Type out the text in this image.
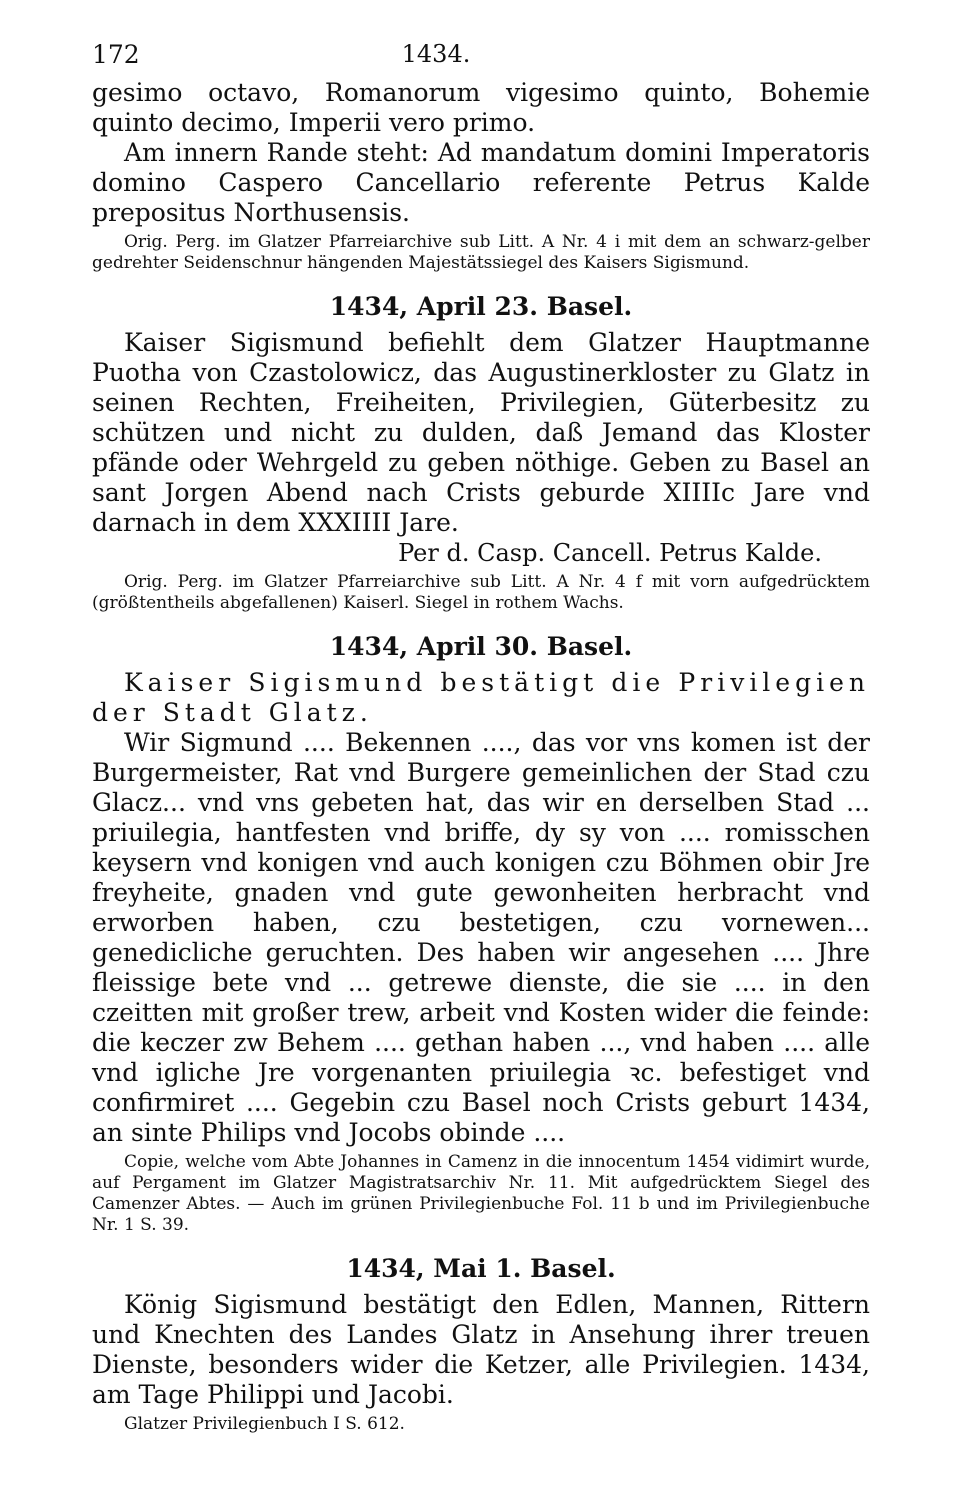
172	1434.

gesimo octavo, Romanorum vigesimo quinto, Bohemie quinto decimo, Imperii vero primo.

Am innern Rande steht: Ad mandatum domini Imperatoris domino Caspero Cancellario referente Petrus Kalde prepositus Northusensis.

Orig. Perg. im Glatzer Pfarreiarchive sub Litt. A Nr. 4 i mit dem an schwarz-gelber gedrehter Seidenschnur hängenden Majestätssiegel des Kaisers Sigismund.

1434, April 23. Basel.

Kaiser Sigismund befiehlt dem Glatzer Hauptmanne Puotha von Czastolowicz, das Augustinerkloster zu Glatz in seinen Rechten, Freiheiten, Privilegien, Güterbesitz zu schützen und nicht zu dulden, daß Jemand das Kloster pfände oder Wehrgeld zu geben nöthige. Geben zu Basel an sant Jorgen Abend nach Crists geburde XIIIIc Jare vnd darnach in dem XXXIIII Jare.

Per d. Casp. Cancell. Petrus Kalde.

Orig. Perg. im Glatzer Pfarreiarchive sub Litt. A Nr. 4 f mit vorn aufgedrücktem (größtentheils abgefallenen) Kaiserl. Siegel in rothem Wachs.

1434, April 30. Basel.

Kaiser Sigismund bestätigt die Privilegien der Stadt Glatz.

Wir Sigmund .... Bekennen ...., das vor vns komen ist der Burgermeister, Rat vnd Burgere gemeinlichen der Stad czu Glacz... vnd vns gebeten hat, das wir en derselben Stad ... priuilegia, hantfesten vnd briffe, dy sy von .... romisschen keysern vnd konigen vnd auch konigen czu Böhmen obir Jre freyheite, gnaden vnd gute gewonheiten herbracht vnd erworben haben, czu bestetigen, czu vornewen... genedicliche geruchten. Des haben wir angesehen .... Jhre fleissige bete vnd ... getrewe dienste, die sie .... in den czeitten mit großer trew, arbeit vnd Kosten wider die feinde: die keczer zw Behem .... gethan haben ..., vnd haben .... alle vnd igliche Jre vorgenanten priuilegia ꝛc. befestiget vnd confirmiret .... Gegebin czu Basel noch Crists geburt 1434, an sinte Philips vnd Jocobs obinde ....

Copie, welche vom Abte Johannes in Camenz in die innocentum 1454 vidimirt wurde, auf Pergament im Glatzer Magistratsarchiv Nr. 11. Mit aufgedrücktem Siegel des Camenzer Abtes. — Auch im grünen Privilegienbuche Fol. 11 b und im Privilegienbuche Nr. 1 S. 39.

1434, Mai 1. Basel.

König Sigismund bestätigt den Edlen, Mannen, Rittern und Knechten des Landes Glatz in Ansehung ihrer treuen Dienste, besonders wider die Ketzer, alle Privilegien. 1434, am Tage Philippi und Jacobi.

Glatzer Privilegienbuch I S. 612.
